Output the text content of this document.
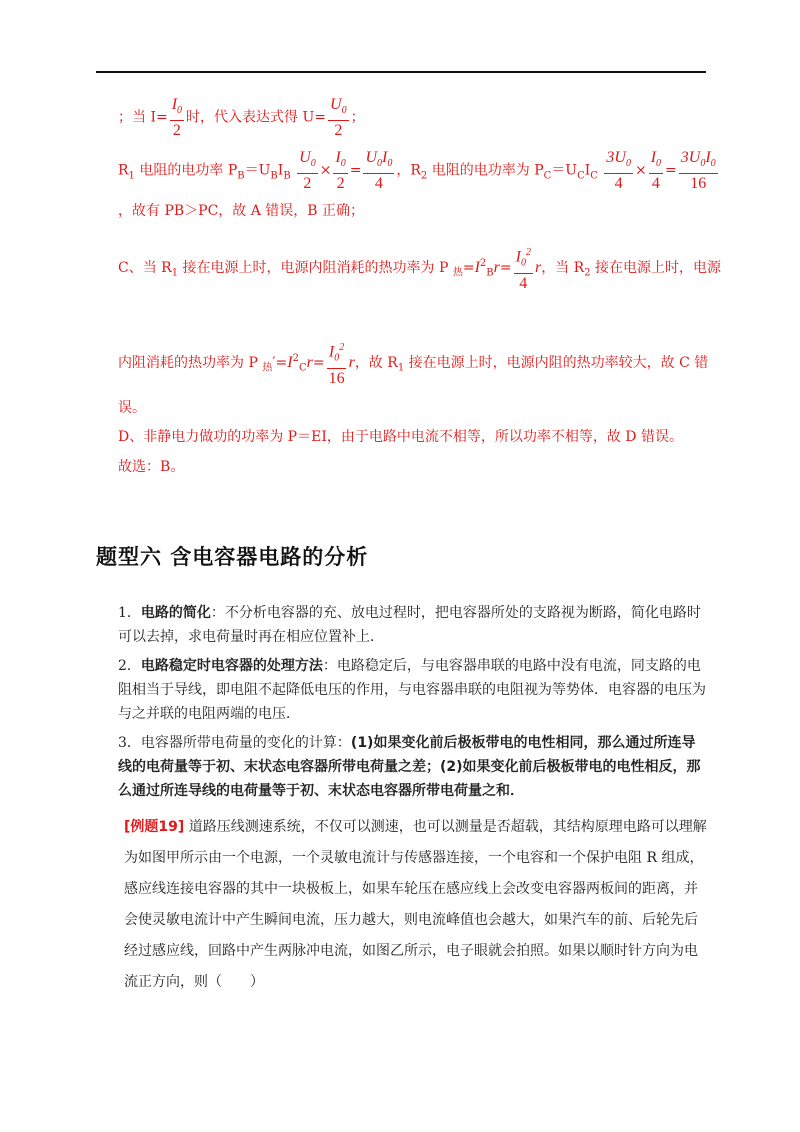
；当 $I= \frac{I_0}{2}$ 时，代入表达式得 $U= \frac{U_0}{2}$ ；
$R_1$ 电阻的电功率 $P_B=U_BI_B \frac{U_0}{2} \times \frac{I_0}{2} = \frac{U_0I_0}{4}$ ，$R_2$ 电阻的电功率为 $P_C=U_CI_C \frac{3U_0}{4} \times \frac{I_0}{4} = \frac{3U_0I_0}{16}$
，故有 PB＞PC，故 A 错误，B 正确；
C、当 $R_1$ 接在电源上时，电源内阻消耗的热功率为 P $_热=I^2_Br= \frac{I_0^2}{4}$ r，当 $R_2$ 接在电源上时，电源
内阻消耗的热功率为 P $_热'=I^2_Cr= \frac{I_0^2}{16}$ r，故 $R_1$ 接在电源上时，电源内阻的热功率较大，故 C 错
误。
D、非静电力做功的功率为 P＝EI，由于电路中电流不相等，所以功率不相等，故 D 错误。
故选：B。
题型六 含电容器电路的分析
1．电路的简化：不分析电容器的充、放电过程时，把电容器所处的支路视为断路，简化电路时可以去掉，求电荷量时再在相应位置补上．
2．电路稳定时电容器的处理方法：电路稳定后，与电容器串联的电路中没有电流，同支路的电阻相当于导线，即电阻不起降低电压的作用，与电容器串联的电阻视为等势体．电容器的电压为与之并联的电阻两端的电压．
3．电容器所带电荷量的变化的计算：(1)如果变化前后极板带电的电性相同，那么通过所连导线的电荷量等于初、末状态电容器所带电荷量之差；(2)如果变化前后极板带电的电性相反，那么通过所连导线的电荷量等于初、末状态电容器所带电荷量之和．
[例题19] 道路压线测速系统，不仅可以测速，也可以测量是否超载，其结构原理电路可以理解为如图甲所示由一个电源，一个灵敏电流计与传感器连接，一个电容和一个保护电阻 R 组成，感应线连接电容器的其中一块极板上，如果车轮压在感应线上会改变电容器两板间的距离，并会使灵敏电流计中产生瞬间电流，压力越大，则电流峰值也会越大，如果汽车的前、后轮先后经过感应线，回路中产生两脉冲电流，如图乙所示，电子眼就会拍照。如果以顺时针方向为电流正方向，则（　　）
